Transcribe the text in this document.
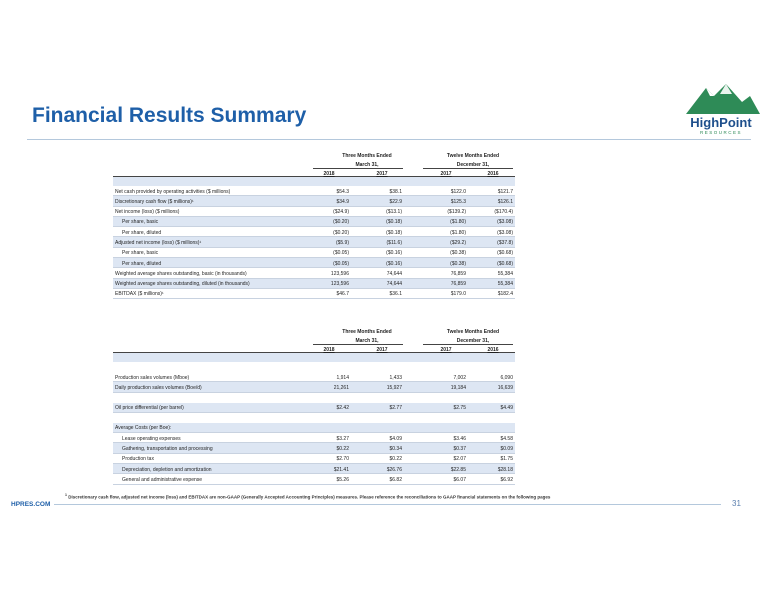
Financial Results Summary	HighPoint
RESOURCES
Three Months Ended	Twelve Months Ended
March 31,	December 31,
2018	2017	2017	2016
Net cash provided by operating activities ($ millions)	$54.3	$38.1	$122.0	$121.7
Discretionary cash flow ($ millions)¹	$34.9	$22.9	$125.3	$126.1
Net income (loss) ($ millions)	($24.9)	($13.1)	($139.2)	($170.4)
Per share, basic	($0.20)	($0.18)	($1.80)	($3.08)
Per share, diluted	($0.20)	($0.18)	($1.80)	($3.08)
Adjusted net income (loss) ($ millions)¹	($5.9)	($11.6)	($29.2)	($37.8)
Per share, basic	($0.05)	($0.16)	($0.38)	($0.68)
Per share, diluted	($0.05)	($0.16)	($0.38)	($0.68)
Weighted average shares outstanding, basic (in thousands)	123,596	74,644	76,859	55,384
Weighted average shares outstanding, diluted (in thousands)	123,596	74,644	76,859	55,384
EBITDAX ($ millions)¹	$46.7	$36.1	$179.0	$182.4
Three Months Ended	Twelve Months Ended
March 31,	December 31,
2018	2017	2017	2016
Production sales volumes (Mboe)	1,914	1,433	7,002	6,090
Daily production sales volumes (Boe/d)	21,261	15,927	19,184	16,639
Oil price differential (per barrel)	$2.42	$2.77	$2.75	$4.49
Average Costs (per Boe):
Lease operating expenses	$3.27	$4.09	$3.46	$4.58
Gathering, transportation and processing	$0.22	$0.34	$0.37	$0.09
Production tax	$2.70	$0.22	$2.07	$1.75
Depreciation, depletion and amortization	$21.41	$26.76	$22.85	$28.18
General and administrative expense	$5.26	$6.82	$6.07	$6.92
$^1$ Discretionary cash flow, adjusted net income (loss) and EBITDAX are non-GAAP (Generally Accepted Accounting Principles) measures. Please reference the reconciliations to GAAP financial statements on the following pages
HPRES.COM	31
